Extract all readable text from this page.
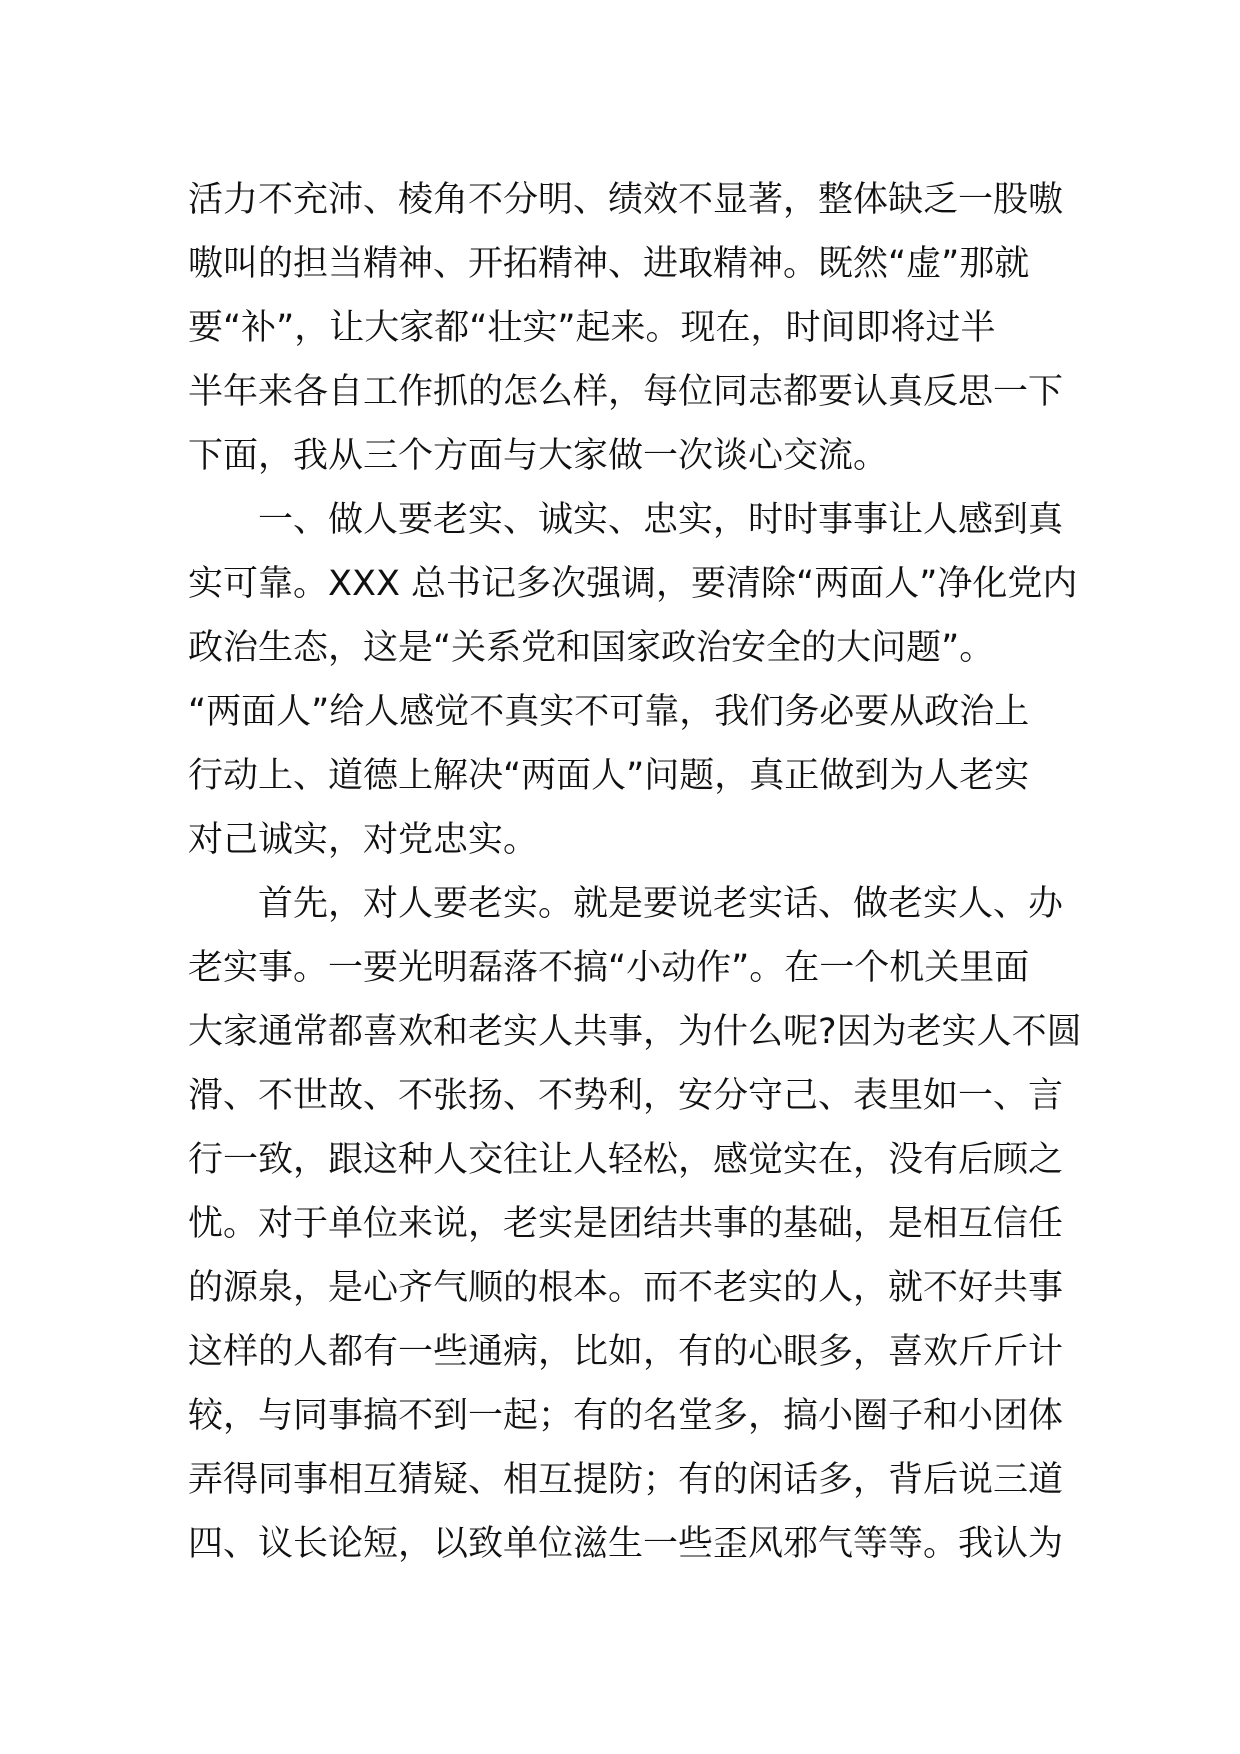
活力不充沛、棱角不分明、绩效不显著，整体缺乏一股嗷
嗷叫的担当精神、开拓精神、进取精神。既然“虚”那就
要“补”，让大家都“壮实”起来。现在，时间即将过半
半年来各自工作抓的怎么样，每位同志都要认真反思一下
下面，我从三个方面与大家做一次谈心交流。
一、做人要老实、诚实、忠实，时时事事让人感到真
实可靠。XXX 总书记多次强调，要清除“两面人”净化党内
政治生态，这是“关系党和国家政治安全的大问题”。
“两面人”给人感觉不真实不可靠，我们务必要从政治上
行动上、道德上解决“两面人”问题，真正做到为人老实
对己诚实，对党忠实。
首先，对人要老实。就是要说老实话、做老实人、办
老实事。一要光明磊落不搞“小动作”。在一个机关里面
大家通常都喜欢和老实人共事，为什么呢?因为老实人不圆
滑、不世故、不张扬、不势利，安分守己、表里如一、言
行一致，跟这种人交往让人轻松，感觉实在，没有后顾之
忧。对于单位来说，老实是团结共事的基础，是相互信任
的源泉，是心齐气顺的根本。而不老实的人，就不好共事
这样的人都有一些通病，比如，有的心眼多，喜欢斤斤计
较，与同事搞不到一起；有的名堂多，搞小圈子和小团体
弄得同事相互猜疑、相互提防；有的闲话多，背后说三道
四、议长论短，以致单位滋生一些歪风邪气等等。我认为
